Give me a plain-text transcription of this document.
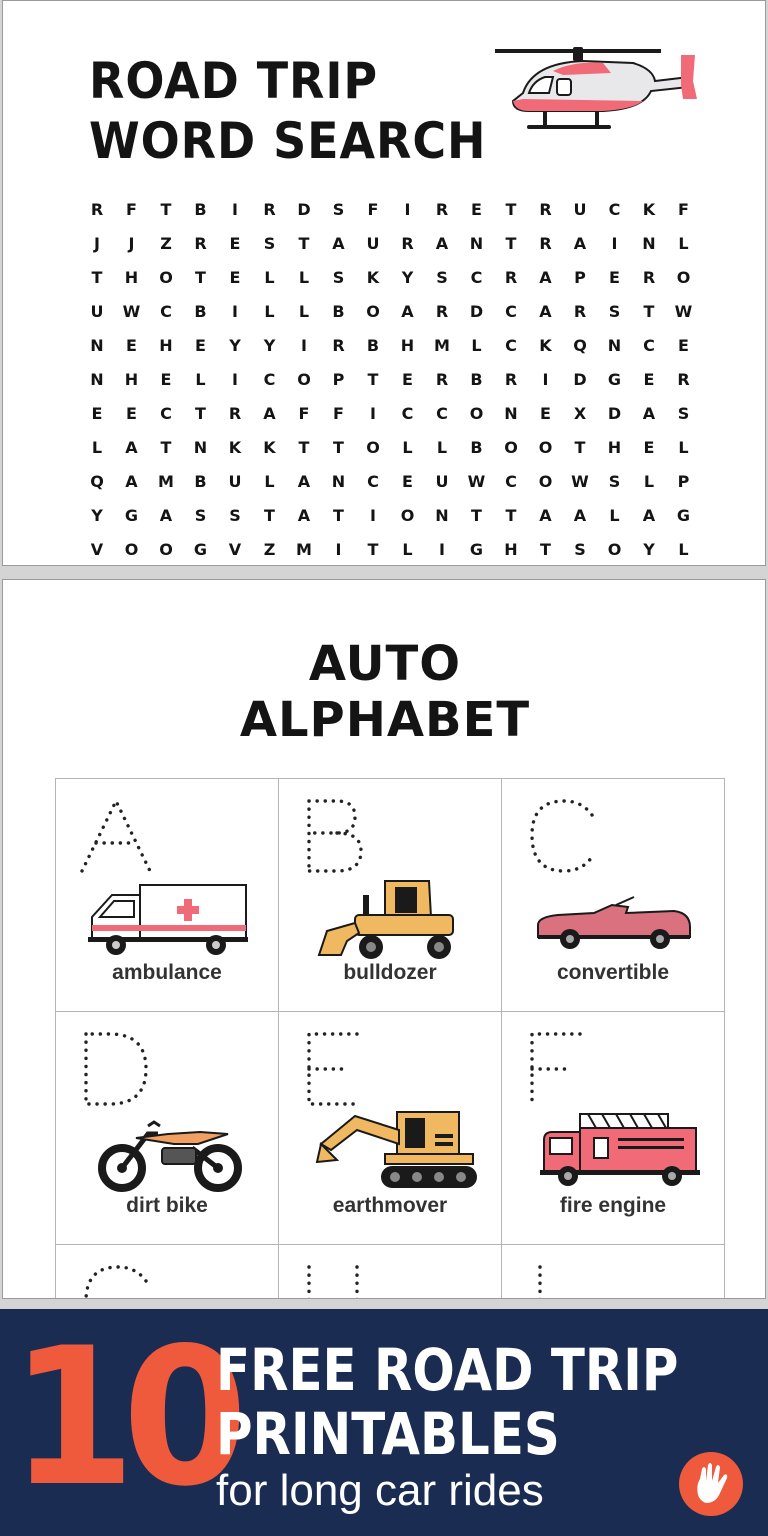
ROAD TRIP
WORD SEARCH
R	F	T	B	I	R	D	S	F	I	R	E	T	R	U	C	K	F
J	J	Z	R	E	S	T	A	U	R	A	N	T	R	A	I	N	L
T	H	O	T	E	L	L	S	K	Y	S	C	R	A	P	E	R	O
U	W	C	B	I	L	L	B	O	A	R	D	C	A	R	S	T	W
N	E	H	E	Y	Y	I	R	B	H	M	L	C	K	Q	N	C	E
N	H	E	L	I	C	O	P	T	E	R	B	R	I	D	G	E	R
E	E	C	T	R	A	F	F	I	C	C	O	N	E	X	D	A	S
L	A	T	N	K	K	T	T	O	L	L	B	O	O	T	H	E	L
Q	A	M	B	U	L	A	N	C	E	U	W	C	O	W	S	L	P
Y	G	A	S	S	T	A	T	I	O	N	T	T	A	A	L	A	G
V	O	O	G	V	Z	M	I	T	L	I	G	H	T	S	O	Y	L
AUTO
ALPHABET
ambulance	bulldozer	convertible
dirt bike	earthmover	fire engine
10
FREE ROAD TRIP
PRINTABLES
for long car rides
